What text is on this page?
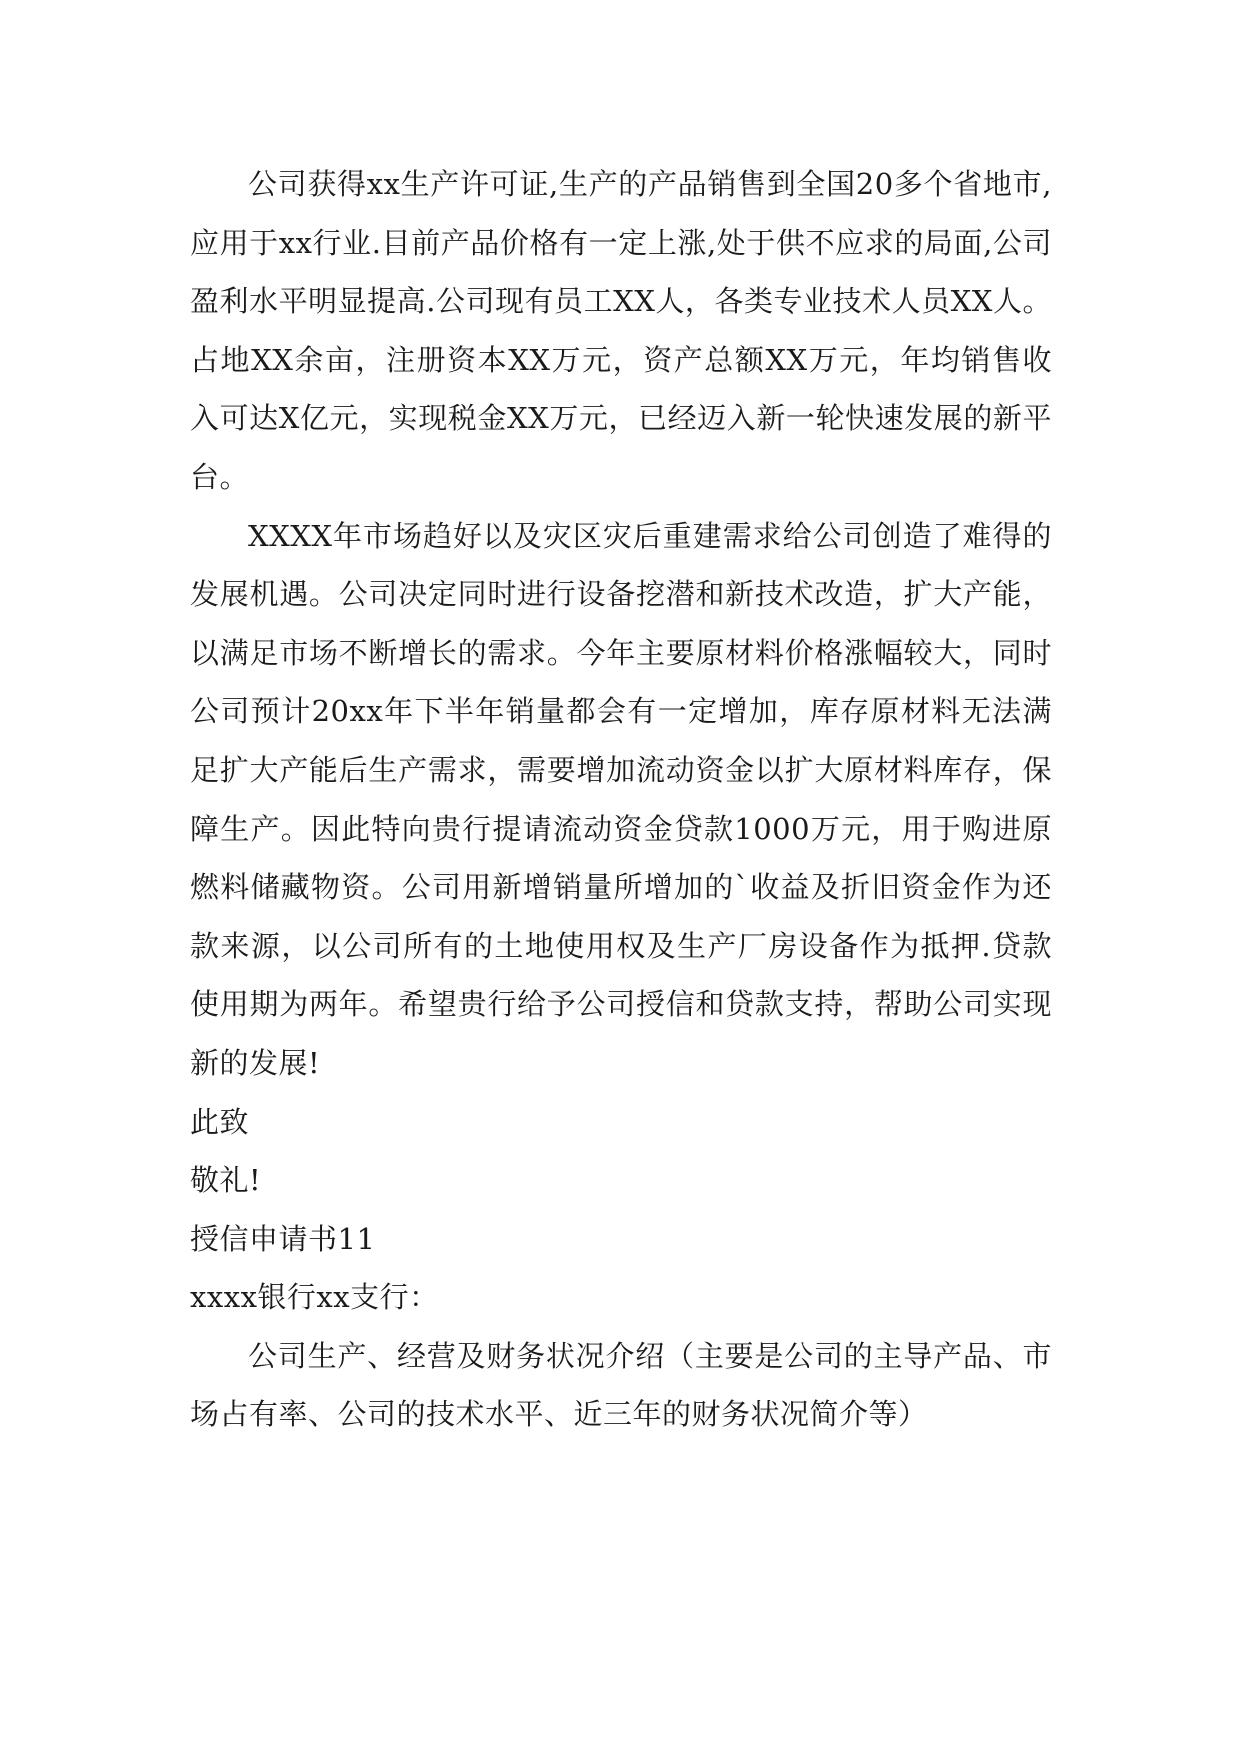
公司获得xx生产许可证,生产的产品销售到全国20多个省地市,应用于xx行业.目前产品价格有一定上涨,处于供不应求的局面,公司盈利水平明显提高.公司现有员工XX人，各类专业技术人员XX人。占地XX余亩，注册资本XX万元，资产总额XX万元，年均销售收入可达X亿元，实现税金XX万元，已经迈入新一轮快速发展的新平台。

XXXX年市场趋好以及灾区灾后重建需求给公司创造了难得的发展机遇。公司决定同时进行设备挖潜和新技术改造，扩大产能，以满足市场不断增长的需求。今年主要原材料价格涨幅较大，同时公司预计20xx年下半年销量都会有一定增加，库存原材料无法满足扩大产能后生产需求，需要增加流动资金以扩大原材料库存，保障生产。因此特向贵行提请流动资金贷款1000万元，用于购进原燃料储藏物资。公司用新增销量所增加的`收益及折旧资金作为还款来源，以公司所有的土地使用权及生产厂房设备作为抵押.贷款使用期为两年。希望贵行给予公司授信和贷款支持，帮助公司实现新的发展!

此致

敬礼!

授信申请书11

xxxx银行xx支行：

公司生产、经营及财务状况介绍（主要是公司的主导产品、市场占有率、公司的技术水平、近三年的财务状况简介等）
